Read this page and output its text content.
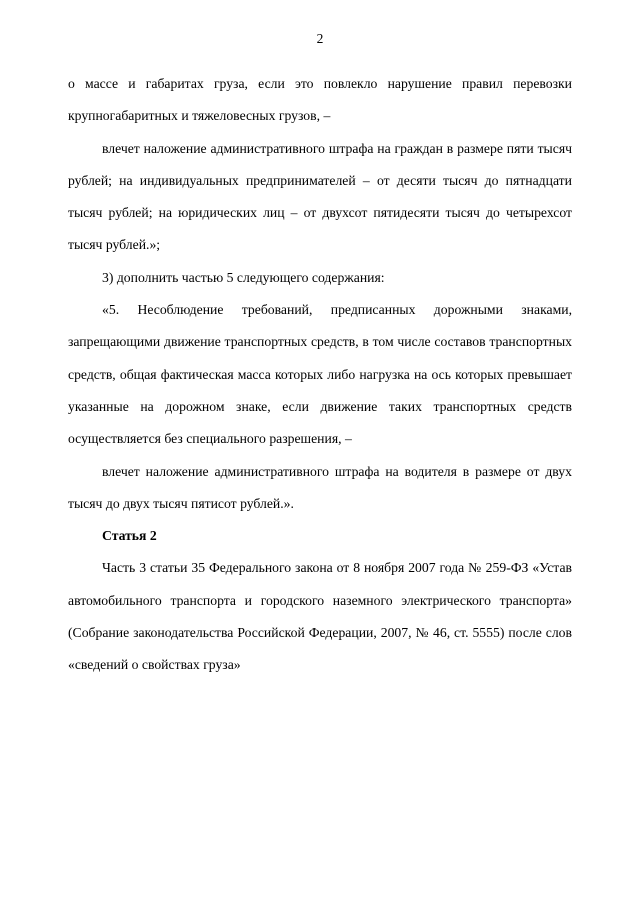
2

о массе и габаритах груза, если это повлекло нарушение правил перевозки крупногабаритных и тяжеловесных грузов, –

влечет наложение административного штрафа на граждан в размере пяти тысяч рублей; на индивидуальных предпринимателей – от десяти тысяч до пятнадцати тысяч рублей; на юридических лиц – от двухсот пятидесяти тысяч до четырехсот тысяч рублей.»;

3) дополнить частью 5 следующего содержания:

«5. Несоблюдение требований, предписанных дорожными знаками, запрещающими движение транспортных средств, в том числе составов транспортных средств, общая фактическая масса которых либо нагрузка на ось которых превышает указанные на дорожном знаке, если движение таких транспортных средств осуществляется без специального разрешения, –

влечет наложение административного штрафа на водителя в размере от двух тысяч до двух тысяч пятисот рублей.».

Статья 2

Часть 3 статьи 35 Федерального закона от 8 ноября 2007 года № 259-ФЗ «Устав автомобильного транспорта и городского наземного электрического транспорта» (Собрание законодательства Российской Федерации, 2007, № 46, ст. 5555) после слов «сведений о свойствах груза»
